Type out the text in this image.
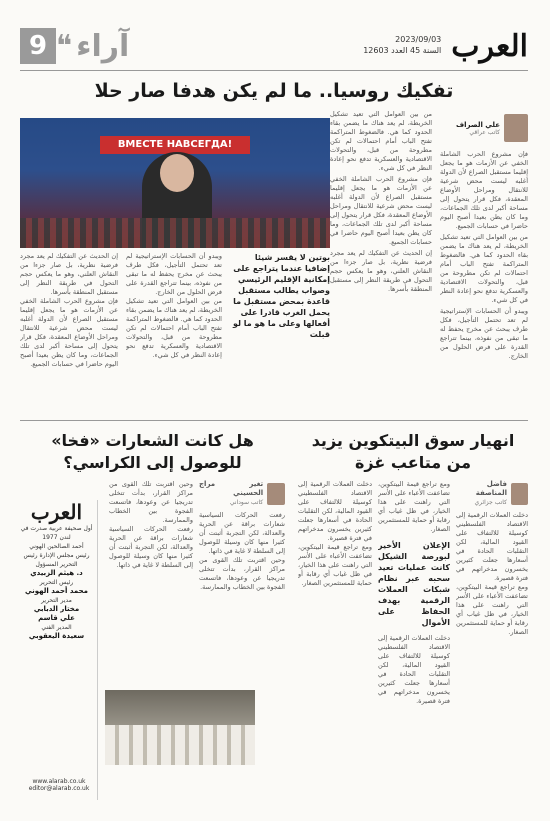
9 ❝ آراء	2023/09/03
السنة 45 العدد 12603 العرب
تفكيك روسيا.. ما لم يكن هدفا صار حلا
علي الصراف
كاتب عراقي

فإن مشروع الحرب الشاملة الخفي عن الأزمات هو ما يجعل إقليما مستقبل الصراع لأن الدولة أغلبه ليست محض شرعية للانتقال ومراحل الأوضاع المعقدة، فكل قرار يتحول إلى مساحة أكبر لدى تلك الجماعات، وما كان يظن بعيدا أصبح اليوم حاضرا في حسابات الجميع.

من بين العوامل التي تعيد تشكيل الخريطة، لم يعد هناك ما يضمن بقاء الحدود كما هي. فالضغوط المتراكمة تفتح الباب أمام احتمالات لم تكن مطروحة من قبل، والتحولات الاقتصادية والعسكرية تدفع نحو إعادة النظر في كل شيء.

ويبدو أن الحسابات الإستراتيجية لم تعد تحتمل التأجيل، فكل طرف يبحث عن مخرج يحفظ له ما تبقى من نفوذه، بينما تتراجع القدرة على فرض الحلول من الخارج.

من بين العوامل التي تعيد تشكيل الخريطة، لم يعد هناك ما يضمن بقاء الحدود كما هي. فالضغوط المتراكمة تفتح الباب أمام احتمالات لم تكن مطروحة من قبل، والتحولات الاقتصادية والعسكرية تدفع نحو إعادة النظر في كل شيء.

فإن مشروع الحرب الشاملة الخفي عن الأزمات هو ما يجعل إقليما مستقبل الصراع لأن الدولة أغلبه ليست محض شرعية للانتقال ومراحل الأوضاع المعقدة، فكل قرار يتحول إلى مساحة أكبر لدى تلك الجماعات، وما كان يظن بعيدا أصبح اليوم حاضرا في حسابات الجميع.

إن الحديث عن التفكيك لم يعد مجرد فرضية نظرية، بل صار جزءا من النقاش العلني، وهو ما يعكس حجم التحول في طريقة النظر إلى مستقبل المنطقة بأسرها.

ВМЕСТЕ НАВСЕГДА!
بوتين لا يقسر شيئا إضافيا عندما يتراجع على إمكانية الإقليم الرئيسي وصواب يطالب مستقبل قاعدة بمحض مستقبل ما يحمل الغرب قادرا على أفعالها وعلى ما هو ما لو قبلت

ويبدو أن الحسابات الإستراتيجية لم تعد تحتمل التأجيل، فكل طرف يبحث عن مخرج يحفظ له ما تبقى من نفوذه، بينما تتراجع القدرة على فرض الحلول من الخارج.

من بين العوامل التي تعيد تشكيل الخريطة، لم يعد هناك ما يضمن بقاء الحدود كما هي. فالضغوط المتراكمة تفتح الباب أمام احتمالات لم تكن مطروحة من قبل، والتحولات الاقتصادية والعسكرية تدفع نحو إعادة النظر في كل شيء.

إن الحديث عن التفكيك لم يعد مجرد فرضية نظرية، بل صار جزءا من النقاش العلني، وهو ما يعكس حجم التحول في طريقة النظر إلى مستقبل المنطقة بأسرها.

فإن مشروع الحرب الشاملة الخفي عن الأزمات هو ما يجعل إقليما مستقبل الصراع لأن الدولة أغلبه ليست محض شرعية للانتقال ومراحل الأوضاع المعقدة، فكل قرار يتحول إلى مساحة أكبر لدى تلك الجماعات، وما كان يظن بعيدا أصبح اليوم حاضرا في حسابات الجميع.

انهيار سوق البيتكوين يزيد من متاعب غزة
فاضل المناصفة
كاتب جزائري

دخلت العملات الرقمية إلى الاقتصاد الفلسطيني كوسيلة للالتفاف على القيود المالية، لكن التقلبات الحادة في أسعارها جعلت كثيرين يخسرون مدخراتهم في فترة قصيرة.

ومع تراجع قيمة البيتكوين، تضاعفت الأعباء على الأسر التي راهنت على هذا الخيار، في ظل غياب أي رقابة أو حماية للمستثمرين الصغار.

ومع تراجع قيمة البيتكوين، تضاعفت الأعباء على الأسر التي راهنت على هذا الخيار، في ظل غياب أي رقابة أو حماية للمستثمرين الصغار.

الإعلان الأخير لبورصة الشيكل كانت عمليات تعيد سحبه عبر نظام شبكات العملات الرقمية بهدف الحفاظ على الأموال

دخلت العملات الرقمية إلى الاقتصاد الفلسطيني كوسيلة للالتفاف على القيود المالية، لكن التقلبات الحادة في أسعارها جعلت كثيرين يخسرون مدخراتهم في فترة قصيرة.

دخلت العملات الرقمية إلى الاقتصاد الفلسطيني كوسيلة للالتفاف على القيود المالية، لكن التقلبات الحادة في أسعارها جعلت كثيرين يخسرون مدخراتهم في فترة قصيرة.

ومع تراجع قيمة البيتكوين، تضاعفت الأعباء على الأسر التي راهنت على هذا الخيار، في ظل غياب أي رقابة أو حماية للمستثمرين الصغار.

هل كانت الشعارات «فخا» للوصول إلى الكراسي؟
تغير مراج الحسيني
كاتب سوداني

رفعت الحركات السياسية شعارات براقة عن الحرية والعدالة، لكن التجربة أثبتت أن كثيرا منها كان وسيلة للوصول إلى السلطة لا غاية في ذاتها.

وحين اقتربت تلك القوى من مراكز القرار، بدأت تتخلى تدريجيا عن وعودها، فاتسعت الفجوة بين الخطاب والممارسة.

وحين اقتربت تلك القوى من مراكز القرار، بدأت تتخلى تدريجيا عن وعودها، فاتسعت الفجوة بين الخطاب والممارسة.

رفعت الحركات السياسية شعارات براقة عن الحرية والعدالة، لكن التجربة أثبتت أن كثيرا منها كان وسيلة للوصول إلى السلطة لا غاية في ذاتها.

العرب

أول صحيفة عربية صدرت في لندن 1977

أحمد الصالحين الهوني

رئيس مجلس الإدارة رئيس التحرير المسؤول

د. هيثم الزبيدي

رئيس التحرير

محمد أحمد الهوني

مدير التحرير

مختار الدبابي

علي قاسم

المدير الفني

سعيدة اليعقوبي

www.alarab.co.uk
editor@alarab.co.uk
